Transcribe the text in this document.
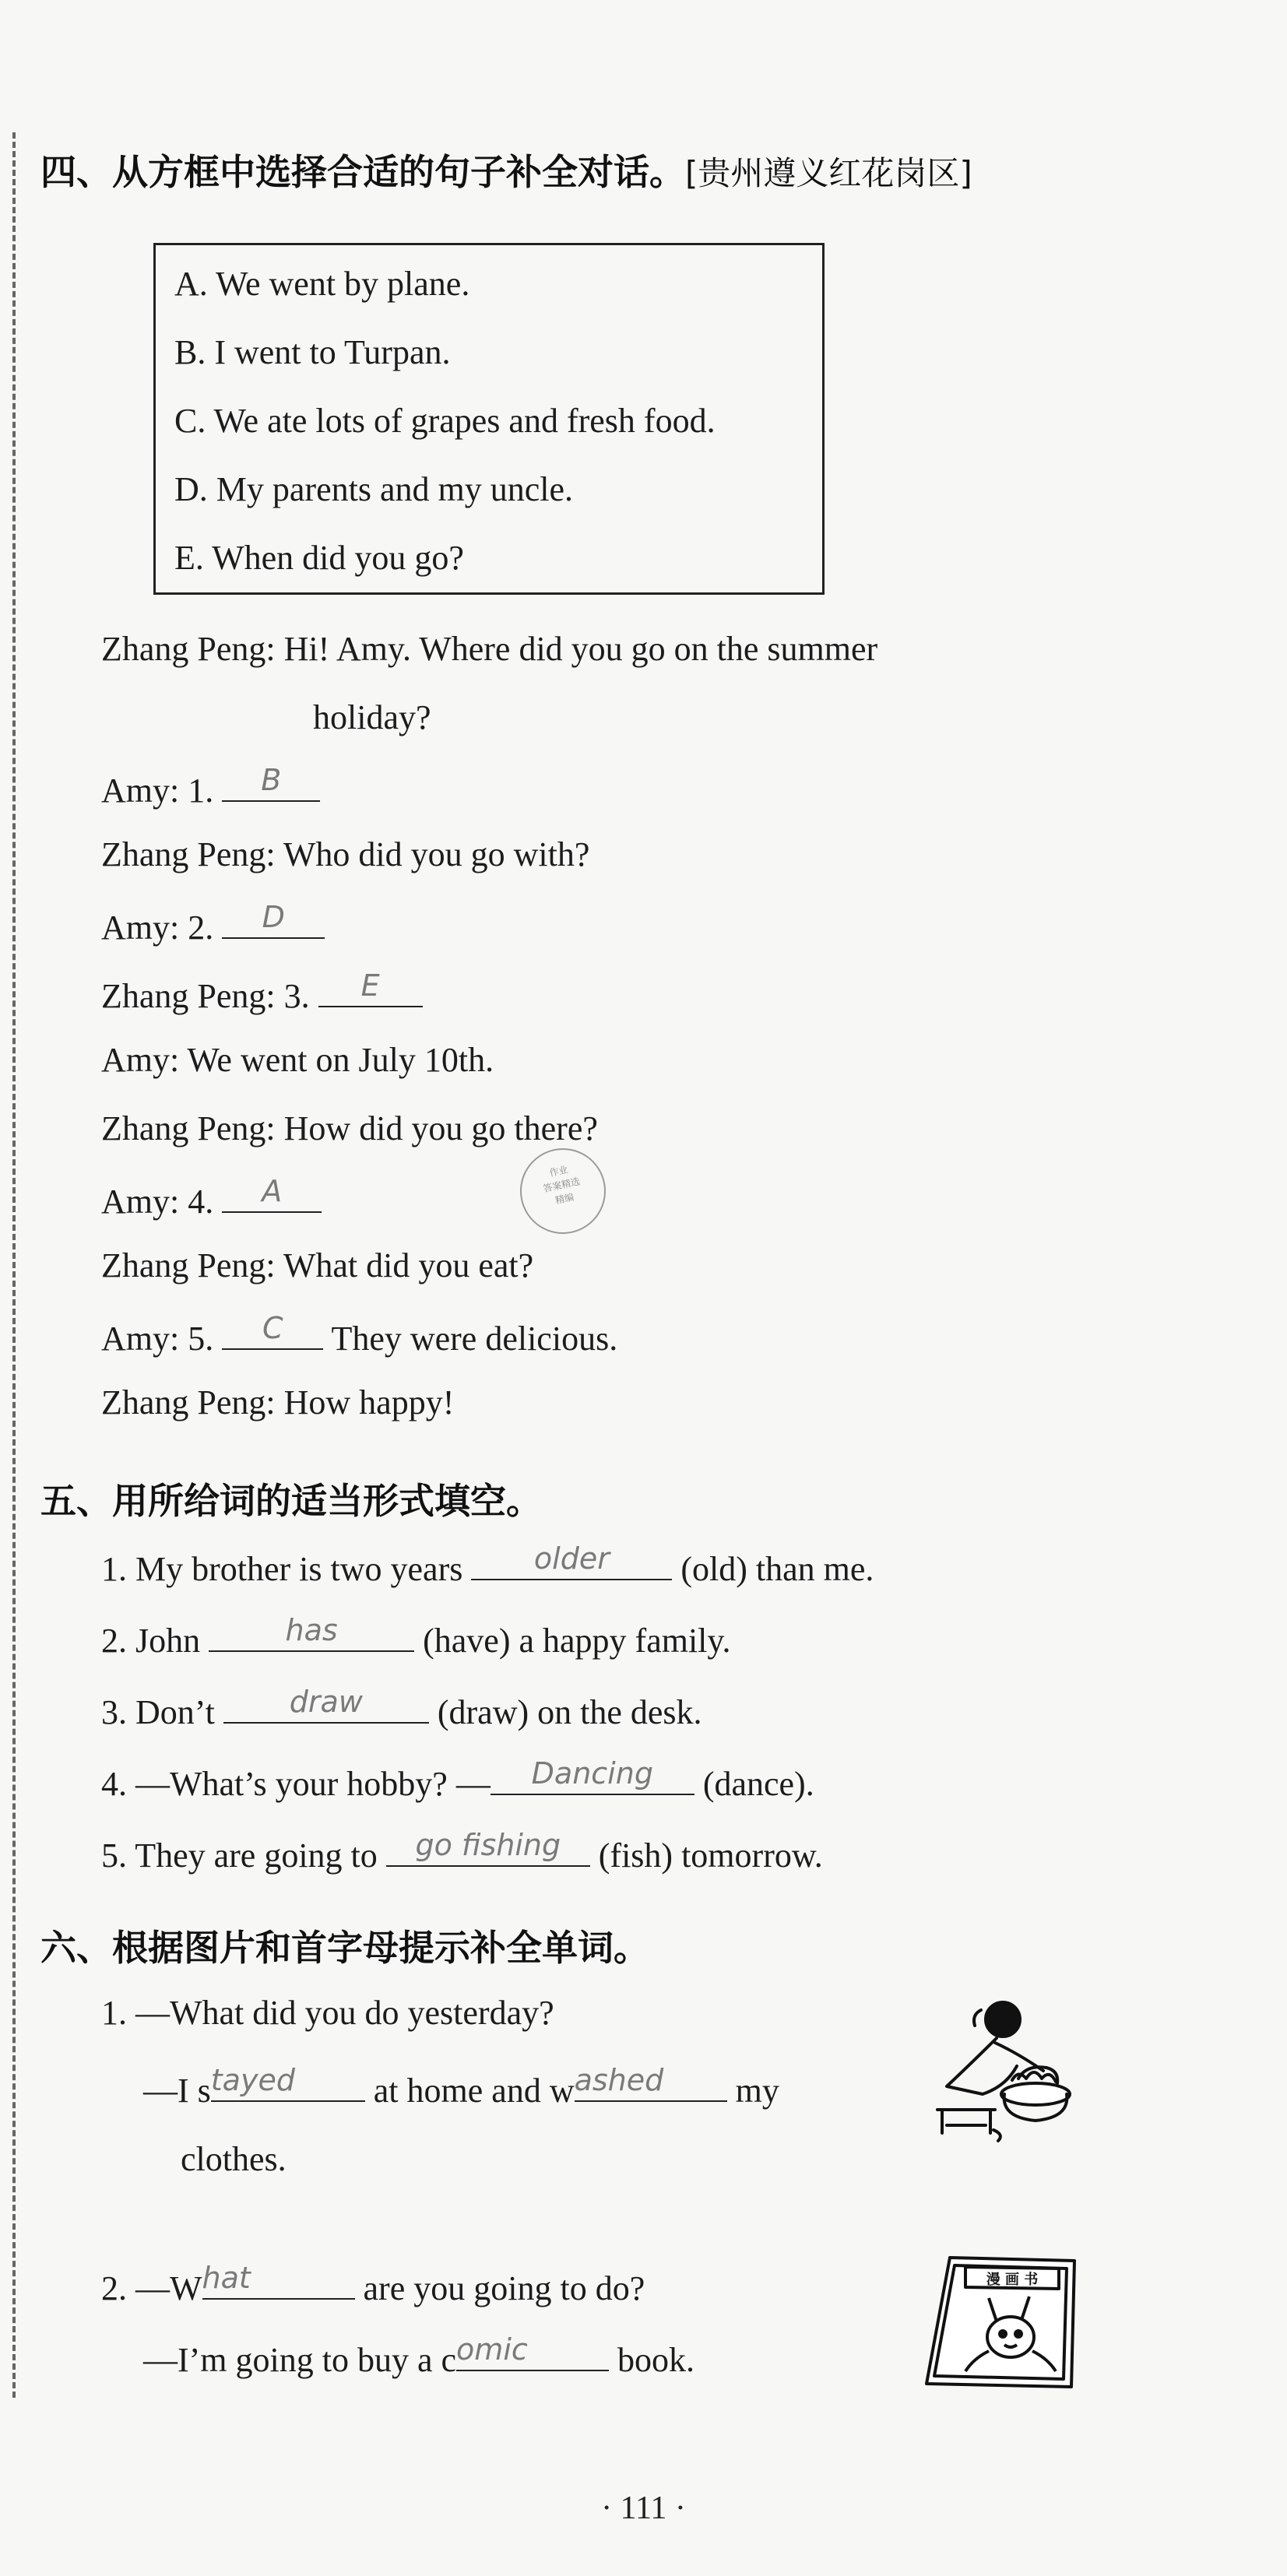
四、从方框中选择合适的句子补全对话。[贵州遵义红花岗区]
A. We went by plane.
B. I went to Turpan.
C. We ate lots of grapes and fresh food.
D. My parents and my uncle.
E. When did you go?
Zhang Peng: Hi! Amy. Where did you go on the summer
holiday?
Amy: 1.	B
Zhang Peng: Who did you go with?
Amy: 2.	D
Zhang Peng: 3.	E
Amy: We went on July 10th.
Zhang Peng: How did you go there?
Amy: 4.	A
作业
答案精选
精编
Zhang Peng: What did you eat?
Amy: 5.	C	They were delicious.
Zhang Peng: How happy!
五、用所给词的适当形式填空。
1. My brother is two years	older	(old) than me.
2. John	has	(have) a happy family.
3. Don’t	draw	(draw) on the desk.
4. —What’s your hobby? —	Dancing	(dance).
5. They are going to go fishing (fish) tomorrow.
六、根据图片和首字母提示补全单词。
1. —What did you do yesterday?
—I s tayed	at home and w ashed	my
clothes.
2. —W hat	are you going to do?
—I’m going to buy a c omic	book.
漫 画 书
· 111 ·
